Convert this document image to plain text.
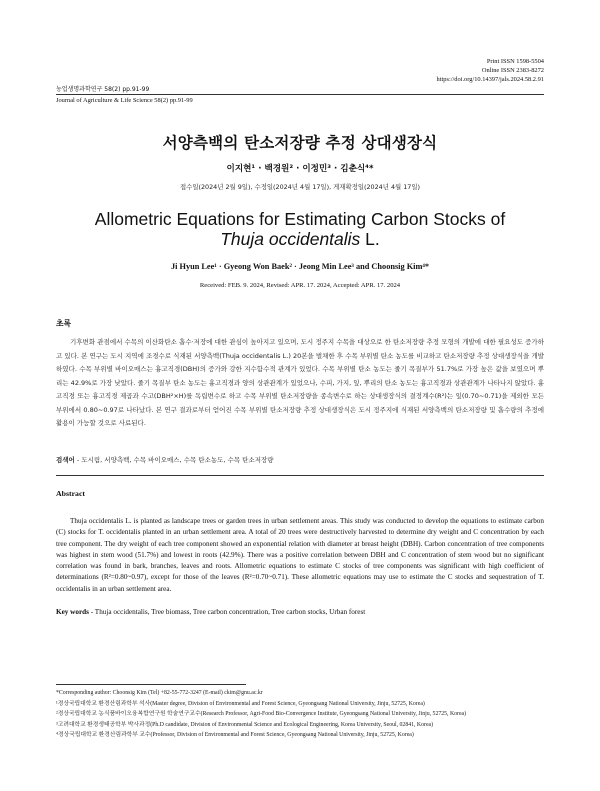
Print ISSN 1598-5504
Online ISSN 2383-8272
https://doi.org/10.14397/jals.2024.58.2.91
농업생명과학연구 58(2) pp.91-99
Journal of Agriculture & Life Science 58(2) pp.91-99
서양측백의 탄소저장량 추정 상대생장식
이지현¹ · 백경원² · 이정민³ · 김춘식⁴*
접수일(2024년 2월 9일), 수정일(2024년 4월 17일), 게재확정일(2024년 4월 17일)
Allometric Equations for Estimating Carbon Stocks of
Thuja occidentalis L.
Ji Hyun Lee¹ · Gyeong Won Baek² · Jeong Min Lee³ and Choonsig Kim⁴*
Received: FEB. 9. 2024, Revised: APR. 17. 2024, Accepted: APR. 17. 2024
초록
기후변화 관점에서 수목의 이산화탄소 흡수·저장에 대한 관심이 높아지고 있으며, 도시 정주지 수목을 대상으로 한 탄소저장량 추정 모형의 개발에 대한 필요성도 증가하고 있다. 본 연구는 도시 지역에 조경수로 식재된 서양측백(Thuja occidentalis L.) 20본을 벌채한 후 수목 부위별 탄소 농도를 비교하고 탄소저장량 추정 상대생장식을 개발하였다. 수목 부위별 바이오매스는 흉고직경(DBH)의 증가와 강한 지수함수적 관계가 있었다. 수목 부위별 탄소 농도는 줄기 목질부가 51.7%로 가장 높은 값을 보였으며 뿌리는 42.9%로 가장 낮았다. 줄기 목질부 탄소 농도는 흉고직경과 양의 상관관계가 있었으나, 수피, 가지, 잎, 뿌리의 탄소 농도는 흉고직경과 상관관계가 나타나지 않았다. 흉고직경 또는 흉고직경 제곱과 수고(DBH²×H)를 독립변수로 하고 수목 부위별 탄소저장량을 종속변수로 하는 상대생장식의 결정계수(R²)는 잎(0.70~0.71)을 제외한 모든 부위에서 0.80~0.97로 나타났다. 본 연구 결과로부터 얻어진 수목 부위별 탄소저장량 추정 상대생장식은 도시 정주지에 식재된 서양측백의 탄소저장량 및 흡수량의 추정에 활용이 가능할 것으로 사료된다.
검색어 - 도시림, 서양측백, 수목 바이오매스, 수목 탄소농도, 수목 탄소저장량
Abstract
Thuja occidentalis L. is planted as landscape trees or garden trees in urban settlement areas. This study was conducted to develop the equations to estimate carbon (C) stocks for T. occidentalis planted in an urban settlement area. A total of 20 trees were destructively harvested to determine dry weight and C concentration by each tree component. The dry weight of each tree component showed an exponential relation with diameter at breast height (DBH). Carbon concentration of tree components was highest in stem wood (51.7%) and lowest in roots (42.9%). There was a positive correlation between DBH and C concentration of stem wood but no significant correlation was found in bark, branches, leaves and roots. Allometric equations to estimate C stocks of tree components was significant with high coefficient of determinations (R²=0.80~0.97), except for those of the leaves (R²=0.70~0.71). These allometric equations may use to estimate the C stocks and sequestration of T. occidentalis in an urban settlement area.
Key words - Thuja occidentalis, Tree biomass, Tree carbon concentration, Tree carbon stocks, Urban forest
*Corresponding author: Choonsig Kim (Tel) +82-55-772-3247 (E-mail) ckim@gnu.ac.kr
¹경상국립대학교 환경산림과학부 석사(Master degree, Division of Environmental and Forest Science, Gyeongsang National University, Jinju, 52725, Korea)
²경상국립대학교 농식품바이오융복합연구원 학술연구교수(Research Professor, Agri-Food Bio-Convergence Institute, Gyeongsang National University, Jinju, 52725, Korea)
³고려대학교 환경생태공학부 박사과정(Ph.D candidate, Division of Environmental Science and Ecological Engineering, Korea University, Seoul, 02841, Korea)
⁴경상국립대학교 환경산림과학부 교수(Professor, Division of Environmental and Forest Science, Gyeongsang National University, Jinju, 52725, Korea)
